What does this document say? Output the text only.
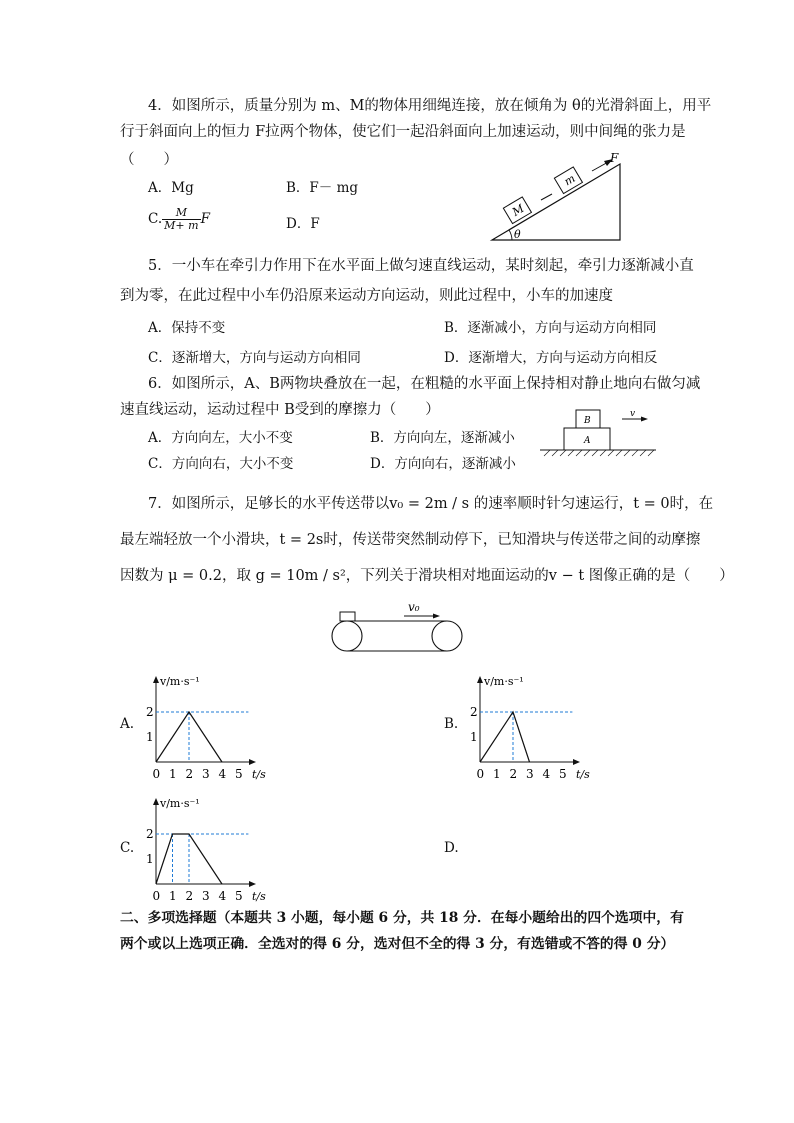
4．如图所示，质量分别为 m、M的物体用细绳连接，放在倾角为 θ的光滑斜面上，用平
行于斜面向上的恒力 F拉两个物体，使它们一起沿斜面向上加速运动，则中间绳的张力是
（　　）
A．Mg	B．F－ mg
C. $\frac{M}{M+ m}$ F	D．F
θ
M
m
F
5．一小车在牵引力作用下在水平面上做匀速直线运动，某时刻起，牵引力逐渐减小直
到为零，在此过程中小车仍沿原来运动方向运动，则此过程中，小车的加速度
A．保持不变	B．逐渐减小，方向与运动方向相同
C．逐渐增大，方向与运动方向相同	D．逐渐增大，方向与运动方向相反
6．如图所示，A、B两物块叠放在一起，在粗糙的水平面上保持相对静止地向右做匀减
速直线运动，运动过程中 B受到的摩擦力（　　）
A．方向向左，大小不变	B．方向向左，逐渐减小
C．方向向右，大小不变	D．方向向右，逐渐减小
A
B
v
7．如图所示，足够长的水平传送带以v₀ = 2m / s 的速率顺时针匀速运行，t = 0时，在
最左端轻放一个小滑块，t = 2s时，传送带突然制动停下，已知滑块与传送带之间的动摩擦
因数为 μ = 0.2，取 g = 10m / s²，下列关于滑块相对地面运动的v − t 图像正确的是（　　）
v₀
A.
v/m·s⁻¹
t/s
2
1
0 1 2 3 4 5
B.
v/m·s⁻¹
t/s
2
1
0 1 2 3 4 5
C.
v/m·s⁻¹
t/s
2
1
0 1 2 3 4 5
D.
二、多项选择题（本题共 3 小题，每小题 6 分，共 18 分．在每小题给出的四个选项中，有
两个或以上选项正确．全选对的得 6 分，选对但不全的得 3 分，有选错或不答的得 0 分）
